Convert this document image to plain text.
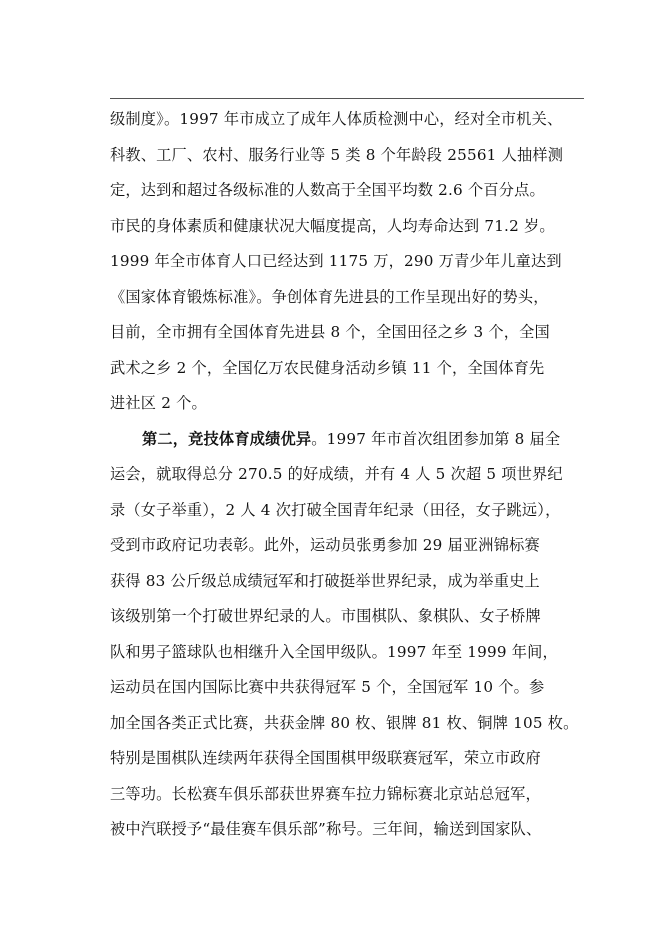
级制度》。1997 年市成立了成年人体质检测中心，经对全市机关、
科教、工厂、农村、服务行业等 5 类 8 个年龄段 25561 人抽样测
定，达到和超过各级标准的人数高于全国平均数 2.6 个百分点。
市民的身体素质和健康状况大幅度提高，人均寿命达到 71.2 岁。
1999 年全市体育人口已经达到 1175 万，290 万青少年儿童达到
《国家体育锻炼标准》。争创体育先进县的工作呈现出好的势头，
目前，全市拥有全国体育先进县 8 个，全国田径之乡 3 个，全国
武术之乡 2 个，全国亿万农民健身活动乡镇 11 个，全国体育先
进社区 2 个。
第二，竞技体育成绩优异。1997 年市首次组团参加第 8 届全
运会，就取得总分 270.5 的好成绩，并有 4 人 5 次超 5 项世界纪
录（女子举重），2 人 4 次打破全国青年纪录（田径，女子跳远），
受到市政府记功表彰。此外，运动员张勇参加 29 届亚洲锦标赛
获得 83 公斤级总成绩冠军和打破挺举世界纪录，成为举重史上
该级别第一个打破世界纪录的人。市围棋队、象棋队、女子桥牌
队和男子篮球队也相继升入全国甲级队。1997 年至 1999 年间，
运动员在国内国际比赛中共获得冠军 5 个，全国冠军 10 个。参
加全国各类正式比赛，共获金牌 80 枚、银牌 81 枚、铜牌 105 枚。
特别是围棋队连续两年获得全国围棋甲级联赛冠军，荣立市政府
三等功。长松赛车俱乐部获世界赛车拉力锦标赛北京站总冠军，
被中汽联授予“最佳赛车俱乐部”称号。三年间，输送到国家队、
